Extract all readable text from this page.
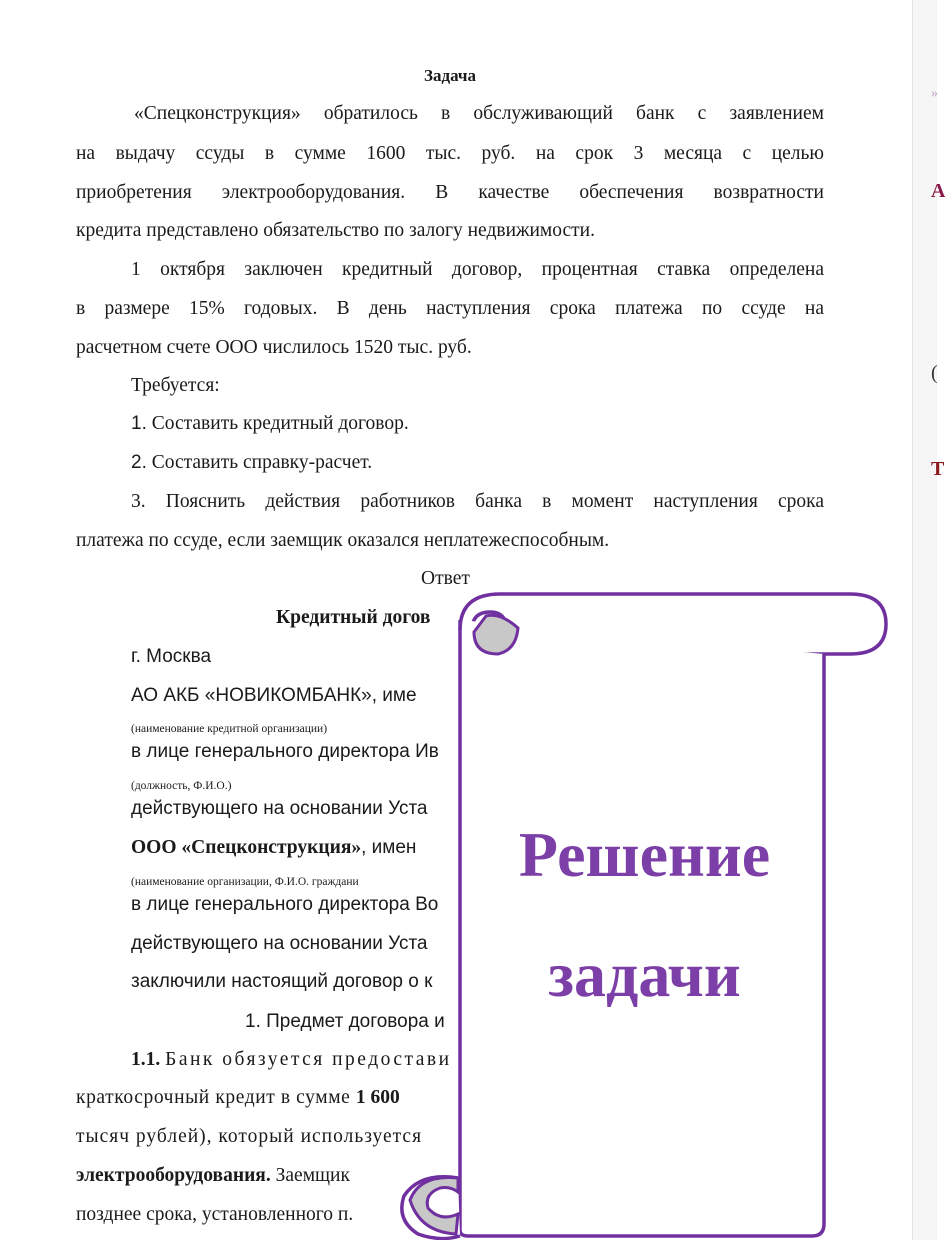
Задача
«Спецконструкция» обратилось в обслуживающий банк с заявлением
на выдачу ссуды в сумме 1600 тыс. руб. на срок 3 месяца с целью
приобретения электрооборудования. В качестве обеспечения возвратности
кредита представлено обязательство по залогу недвижимости.
1 октября заключен кредитный договор, процентная ставка определена
в размере 15% годовых. В день наступления срока платежа по ссуде на
расчетном счете ООО числилось 1520 тыс. руб.
Требуется:
1. Составить кредитный договор.
2. Составить справку-расчет.
3. Пояснить действия работников банка в момент наступления срока
платежа по ссуде, если заемщик оказался неплатежеспособным.
Ответ
Кредитный догов
г. Москва
АО АКБ «НОВИКОМБАНК», име
(наименование кредитной организации)
в лице генерального директора Ив
(должность, Ф.И.О.)
действующего на основании Уста
ООО «Спецконструкция», имен
(наименование организации, Ф.И.О. граждани
в лице генерального директора Во
действующего на основании Уста
заключили настоящий договор о к
1. Предмет договора и
1.1. Банк обязуется предостави
краткосрочный кредит в сумме 1 600
тысяч рублей), который используется
электрооборудования. Заемщик
позднее срока, установленного п.
Решение
задачи
»
А
(
Т
